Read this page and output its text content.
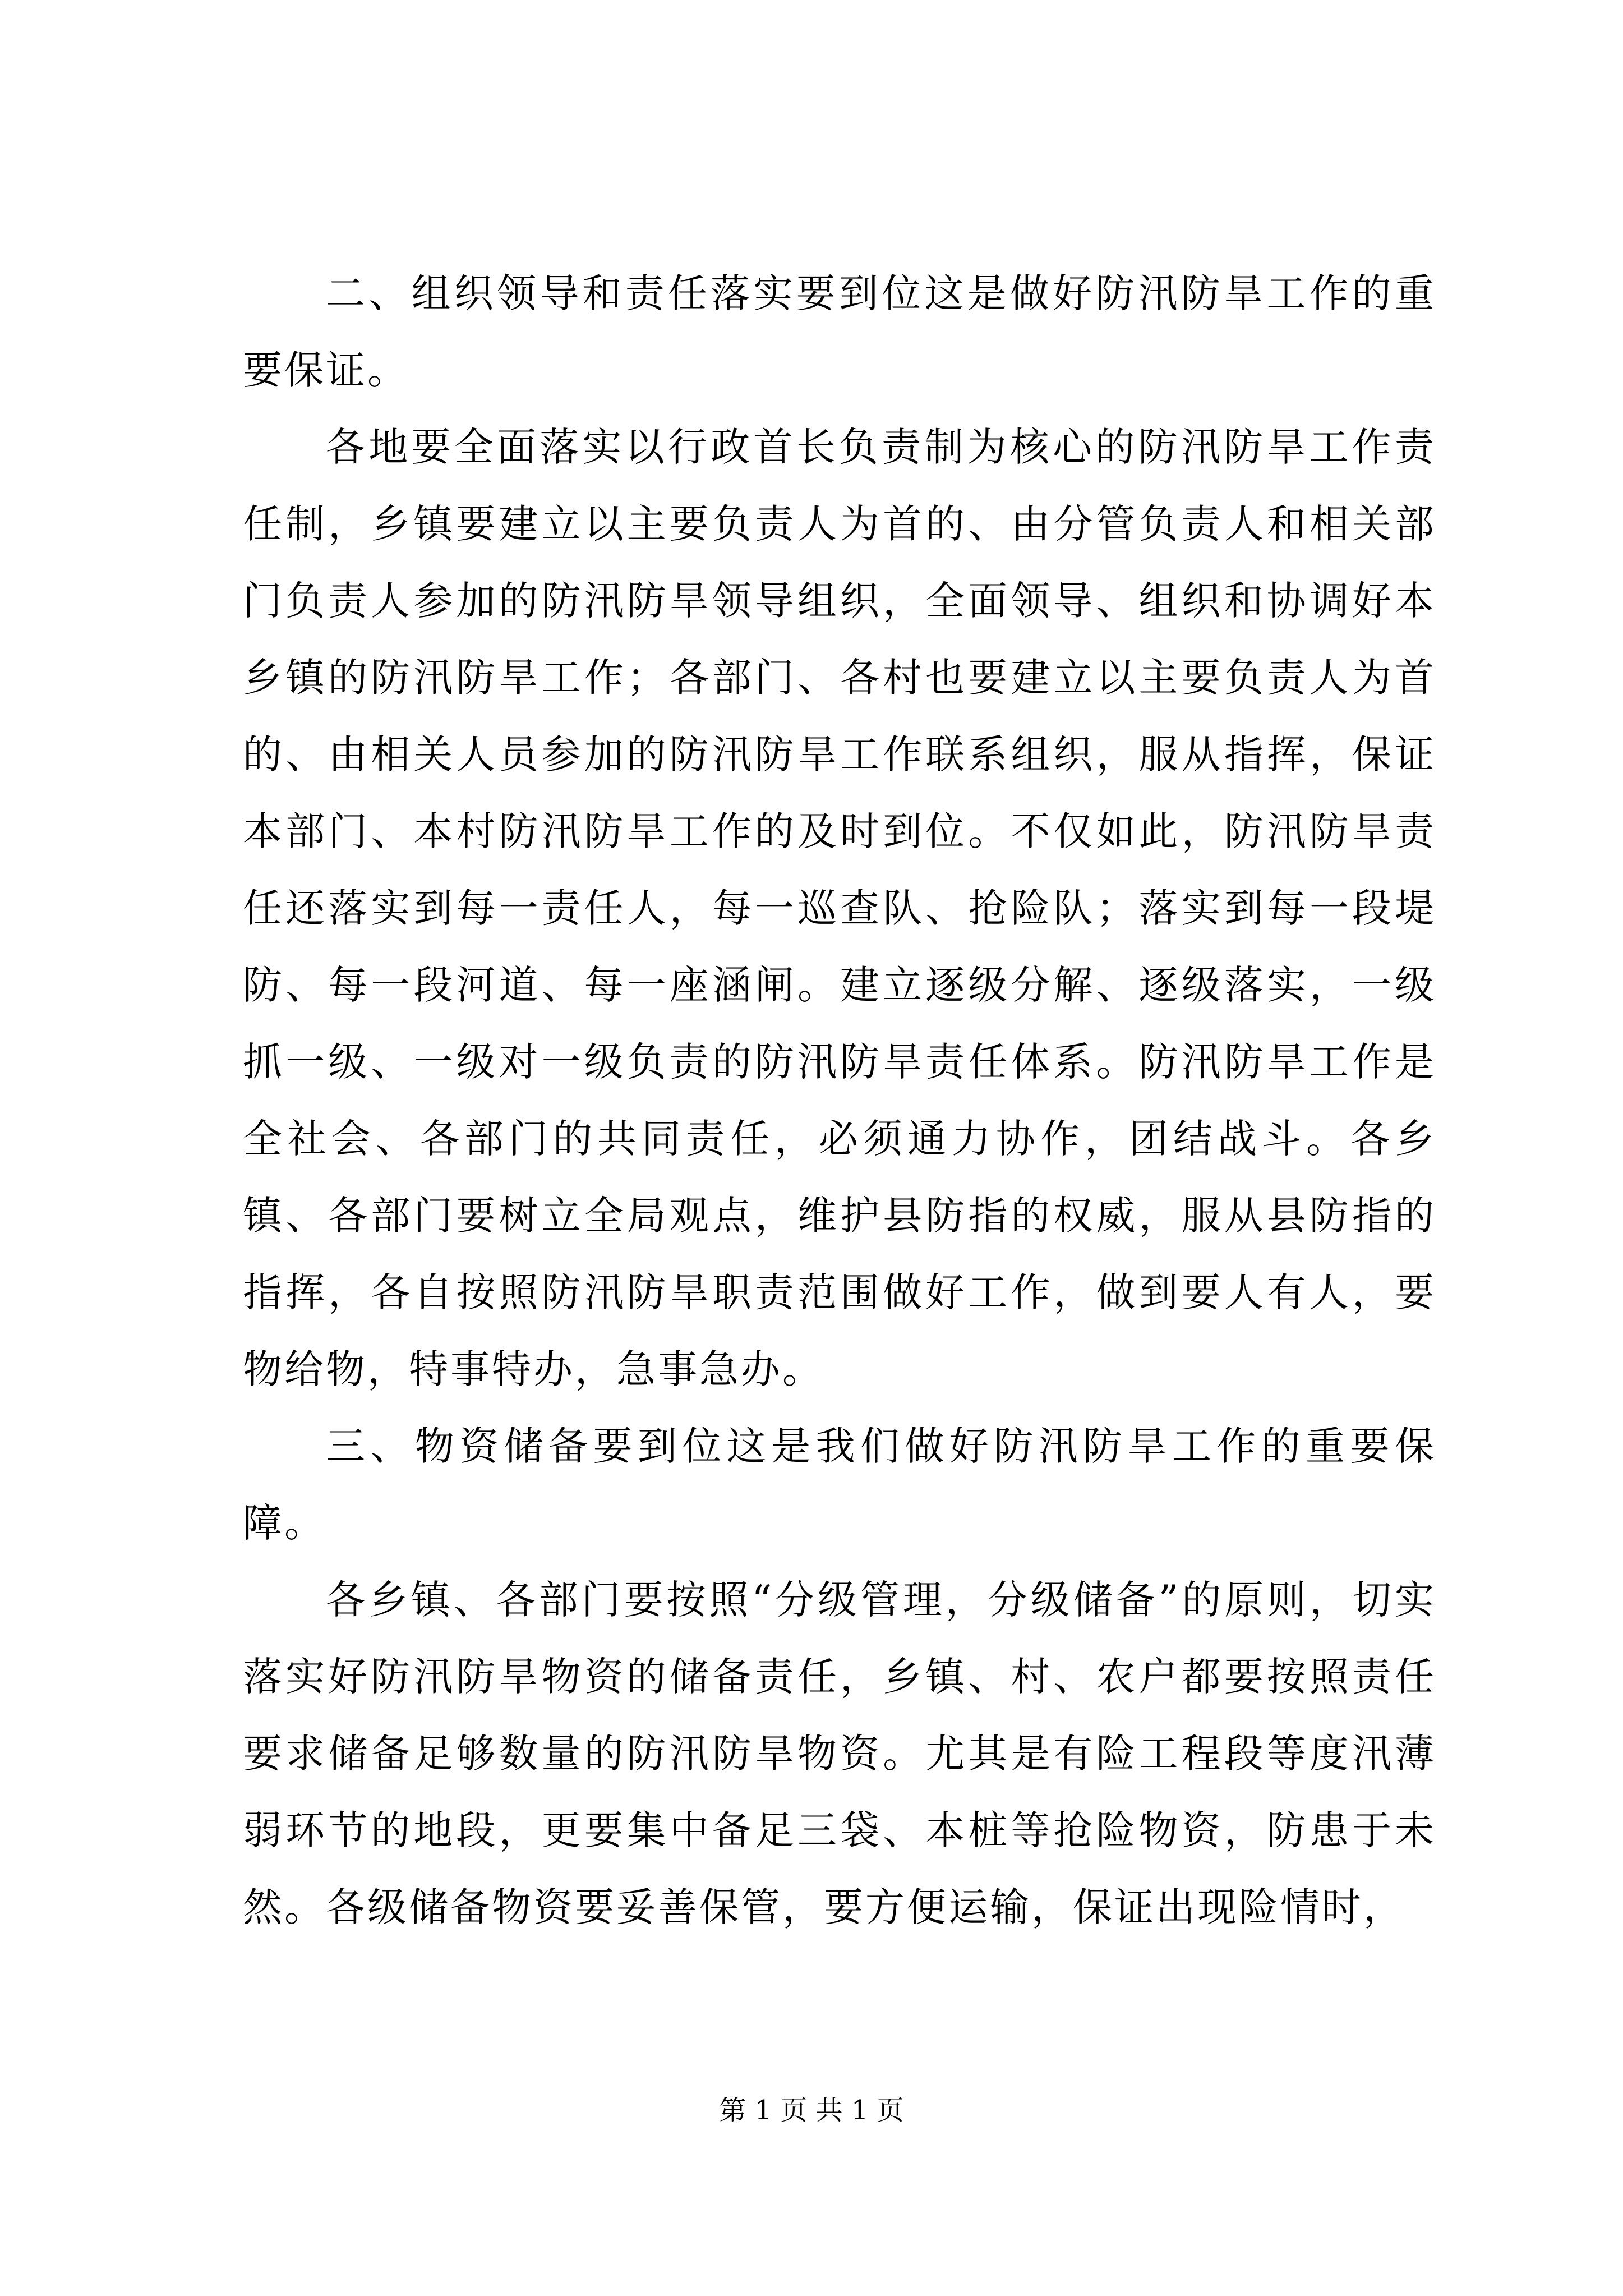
二、组织领导和责任落实要到位这是做好防汛防旱工作的重要保证。

各地要全面落实以行政首长负责制为核心的防汛防旱工作责任制，乡镇要建立以主要负责人为首的、由分管负责人和相关部门负责人参加的防汛防旱领导组织，全面领导、组织和协调好本乡镇的防汛防旱工作；各部门、各村也要建立以主要负责人为首的、由相关人员参加的防汛防旱工作联系组织，服从指挥，保证本部门、本村防汛防旱工作的及时到位。不仅如此，防汛防旱责任还落实到每一责任人，每一巡查队、抢险队；落实到每一段堤防、每一段河道、每一座涵闸。建立逐级分解、逐级落实，一级抓一级、一级对一级负责的防汛防旱责任体系。防汛防旱工作是全社会、各部门的共同责任，必须通力协作，团结战斗。各乡镇、各部门要树立全局观点，维护县防指的权威，服从县防指的指挥，各自按照防汛防旱职责范围做好工作，做到要人有人，要物给物，特事特办，急事急办。

三、物资储备要到位这是我们做好防汛防旱工作的重要保障。

各乡镇、各部门要按照“分级管理，分级储备”的原则，切实落实好防汛防旱物资的储备责任，乡镇、村、农户都要按照责任要求储备足够数量的防汛防旱物资。尤其是有险工程段等度汛薄弱环节的地段，更要集中备足三袋、本桩等抢险物资，防患于未然。各级储备物资要妥善保管，要方便运输，保证出现险情时，

第 1 页 共 1 页
